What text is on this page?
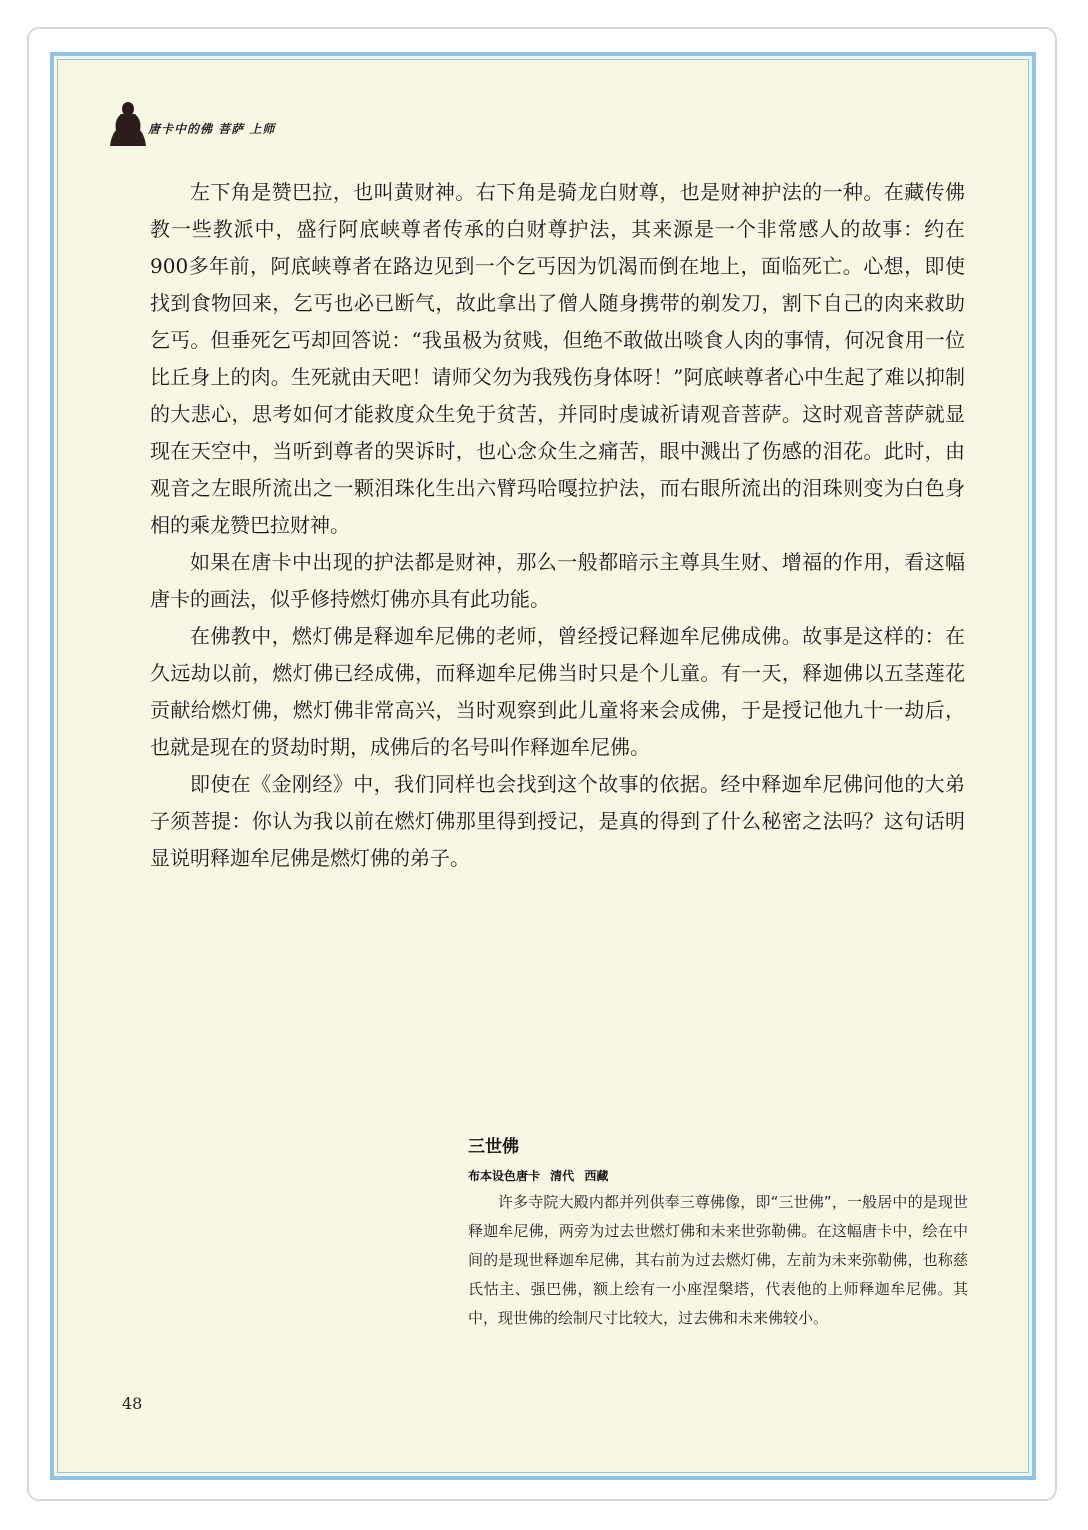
唐卡中的佛 菩萨 上师

左下角是赞巴拉，也叫黄财神。右下角是骑龙白财尊，也是财神护法的一种。在藏传佛教一些教派中，盛行阿底峡尊者传承的白财尊护法，其来源是一个非常感人的故事：约在900多年前，阿底峡尊者在路边见到一个乞丐因为饥渴而倒在地上，面临死亡。心想，即使找到食物回来，乞丐也必已断气，故此拿出了僧人随身携带的剃发刀，割下自己的肉来救助乞丐。但垂死乞丐却回答说：“我虽极为贫贱，但绝不敢做出啖食人肉的事情，何况食用一位比丘身上的肉。生死就由天吧！请师父勿为我残伤身体呀！”阿底峡尊者心中生起了难以抑制的大悲心，思考如何才能救度众生免于贫苦，并同时虔诚祈请观音菩萨。这时观音菩萨就显现在天空中，当听到尊者的哭诉时，也心念众生之痛苦，眼中溅出了伤感的泪花。此时，由观音之左眼所流出之一颗泪珠化生出六臂玛哈嘎拉护法，而右眼所流出的泪珠则变为白色身相的乘龙赞巴拉财神。

如果在唐卡中出现的护法都是财神，那么一般都暗示主尊具生财、增福的作用，看这幅唐卡的画法，似乎修持燃灯佛亦具有此功能。

在佛教中，燃灯佛是释迦牟尼佛的老师，曾经授记释迦牟尼佛成佛。故事是这样的：在久远劫以前，燃灯佛已经成佛，而释迦牟尼佛当时只是个儿童。有一天，释迦佛以五茎莲花贡献给燃灯佛，燃灯佛非常高兴，当时观察到此儿童将来会成佛，于是授记他九十一劫后，也就是现在的贤劫时期，成佛后的名号叫作释迦牟尼佛。

即使在《金刚经》中，我们同样也会找到这个故事的依据。经中释迦牟尼佛问他的大弟子须菩提：你认为我以前在燃灯佛那里得到授记，是真的得到了什么秘密之法吗？这句话明显说明释迦牟尼佛是燃灯佛的弟子。

三世佛
布本设色唐卡 清代 西藏

许多寺院大殿内都并列供奉三尊佛像，即“三世佛”，一般居中的是现世释迦牟尼佛，两旁为过去世燃灯佛和未来世弥勒佛。在这幅唐卡中，绘在中间的是现世释迦牟尼佛，其右前为过去燃灯佛，左前为未来弥勒佛，也称慈氏怙主、强巴佛，额上绘有一小座涅槃塔，代表他的上师释迦牟尼佛。其中，现世佛的绘制尺寸比较大，过去佛和未来佛较小。

48
